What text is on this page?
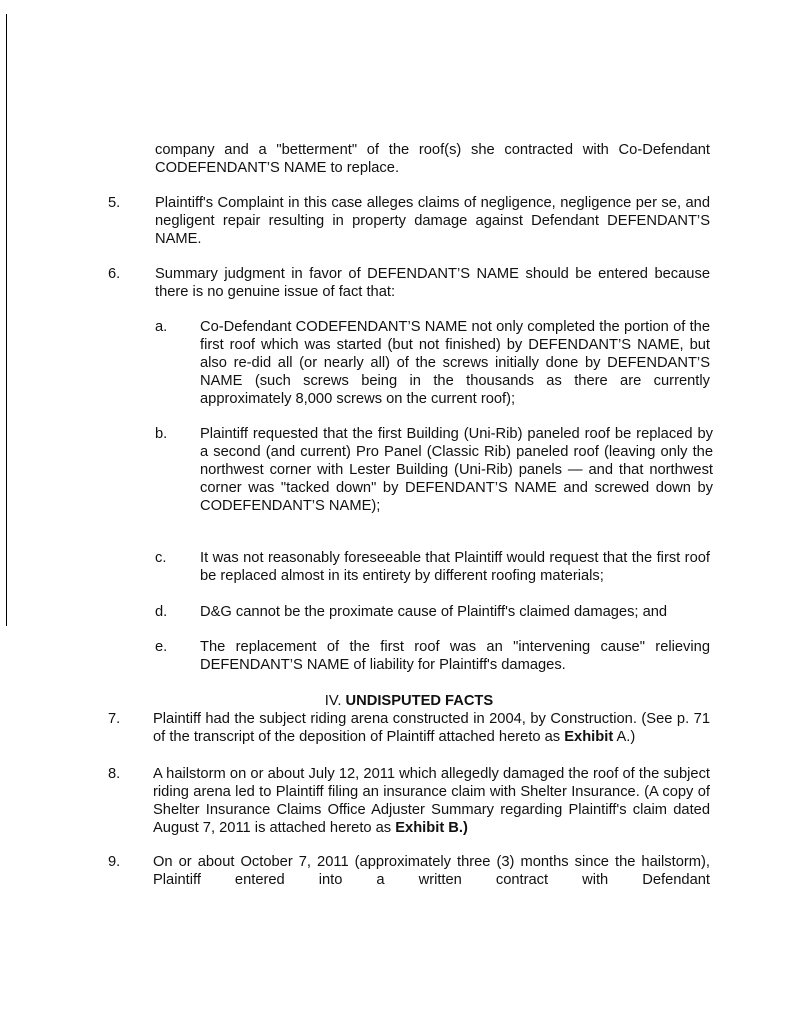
company and a "betterment" of the roof(s) she contracted with Co-Defendant CODEFENDANT’S NAME to replace.
5. Plaintiff's Complaint in this case alleges claims of negligence, negligence per se, and negligent repair resulting in property damage against Defendant DEFENDANT’S NAME.
6. Summary judgment in favor of DEFENDANT’S NAME should be entered because there is no genuine issue of fact that:
a. Co-Defendant CODEFENDANT’S NAME not only completed the portion of the first roof which was started (but not finished) by DEFENDANT’S NAME, but also re-did all (or nearly all) of the screws initially done by DEFENDANT’S NAME (such screws being in the thousands as there are currently approximately 8,000 screws on the current roof);
b. Plaintiff requested that the first Building (Uni-Rib) paneled roof be replaced by a second (and current) Pro Panel (Classic Rib) paneled roof (leaving only the northwest corner with Lester Building (Uni-Rib) panels — and that northwest corner was "tacked down" by DEFENDANT’S NAME and screwed down by CODEFENDANT’S NAME);
c. It was not reasonably foreseeable that Plaintiff would request that the first roof be replaced almost in its entirety by different roofing materials;
d. D&G cannot be the proximate cause of Plaintiff's claimed damages; and
e. The replacement of the first roof was an "intervening cause" relieving DEFENDANT’S NAME of liability for Plaintiff's damages.
IV. UNDISPUTED FACTS
7. Plaintiff had the subject riding arena constructed in 2004, by Construction. (See p. 71 of the transcript of the deposition of Plaintiff attached hereto as Exhibit A.)
8. A hailstorm on or about July 12, 2011 which allegedly damaged the roof of the subject riding arena led to Plaintiff filing an insurance claim with Shelter Insurance. (A copy of Shelter Insurance Claims Office Adjuster Summary regarding Plaintiff's claim dated August 7, 2011 is attached hereto as Exhibit B.)
9. On or about October 7, 2011 (approximately three (3) months since the hailstorm), Plaintiff entered into a written contract with Defendant
